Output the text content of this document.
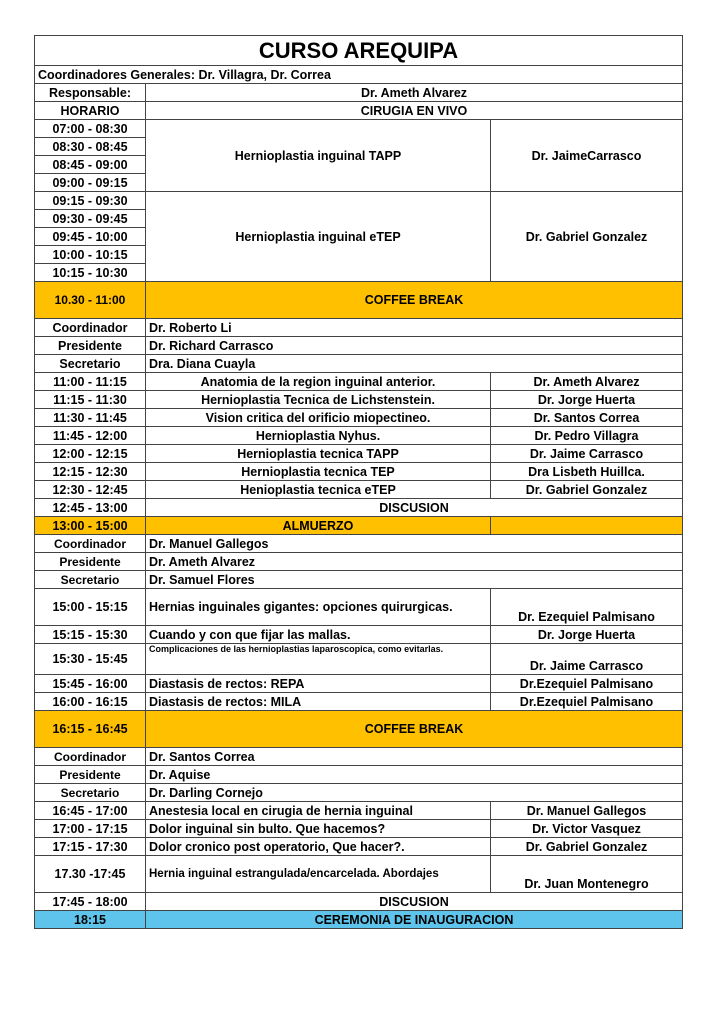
CURSO AREQUIPA		
Coordinadores Generales: Dr. Villagra, Dr. Correa		
Responsable:	Dr. Ameth Alvarez	
HORARIO	CIRUGIA EN VIVO	
07:00 - 08:30	Hernioplastia inguinal TAPP	Dr. JaimeCarrasco
08:30 - 08:45		
08:45 - 09:00		
09:00 - 09:15		
09:15 - 09:30	Hernioplastia inguinal eTEP	Dr. Gabriel Gonzalez
09:30 - 09:45		
09:45 - 10:00		
10:00 - 10:15		
10:15 - 10:30		
10.30 - 11:00	COFFEE BREAK	
Coordinador	Dr. Roberto Li	
Presidente	Dr. Richard Carrasco	
Secretario	Dra. Diana Cuayla	
11:00 - 11:15	Anatomia de la region inguinal anterior.	Dr. Ameth Alvarez
11:15 - 11:30	Hernioplastia Tecnica de Lichstenstein.	Dr. Jorge Huerta
11:30 - 11:45	Vision critica del orificio miopectineo.	Dr. Santos Correa
11:45 - 12:00	Hernioplastia Nyhus.	Dr. Pedro Villagra
12:00 - 12:15	Hernioplastia tecnica TAPP	Dr. Jaime Carrasco
12:15 - 12:30	Hernioplastia tecnica TEP	Dra Lisbeth Huillca.
12:30 - 12:45	Henioplastia tecnica eTEP	Dr. Gabriel Gonzalez
12:45 - 13:00	DISCUSION	
13:00 - 15:00	ALMUERZO	
Coordinador	Dr. Manuel Gallegos	
Presidente	Dr. Ameth Alvarez	
Secretario	Dr. Samuel Flores	
15:00 - 15:15	Hernias inguinales gigantes: opciones quirurgicas.	Dr. Ezequiel Palmisano
15:15 - 15:30	Cuando y con que fijar las mallas.	Dr. Jorge Huerta
15:30 - 15:45	Complicaciones de las hernioplastias laparoscopica, como evitarlas.	Dr. Jaime Carrasco
15:45 - 16:00	Diastasis de rectos: REPA	Dr.Ezequiel Palmisano
16:00 - 16:15	Diastasis de rectos: MILA	Dr.Ezequiel Palmisano
16:15 - 16:45	COFFEE BREAK	
Coordinador	Dr. Santos Correa	
Presidente	Dr. Aquise	
Secretario	Dr. Darling Cornejo	
16:45 - 17:00	Anestesia local en cirugia de hernia inguinal	Dr. Manuel Gallegos
17:00 - 17:15	Dolor inguinal sin bulto. Que hacemos?	Dr. Victor Vasquez
17:15 - 17:30	Dolor cronico post operatorio, Que hacer?.	Dr. Gabriel Gonzalez
17.30 -17:45	Hernia inguinal estrangulada/encarcelada. Abordajes	Dr. Juan Montenegro
17:45 - 18:00	DISCUSION	
18:15	CEREMONIA DE INAUGURACION	
